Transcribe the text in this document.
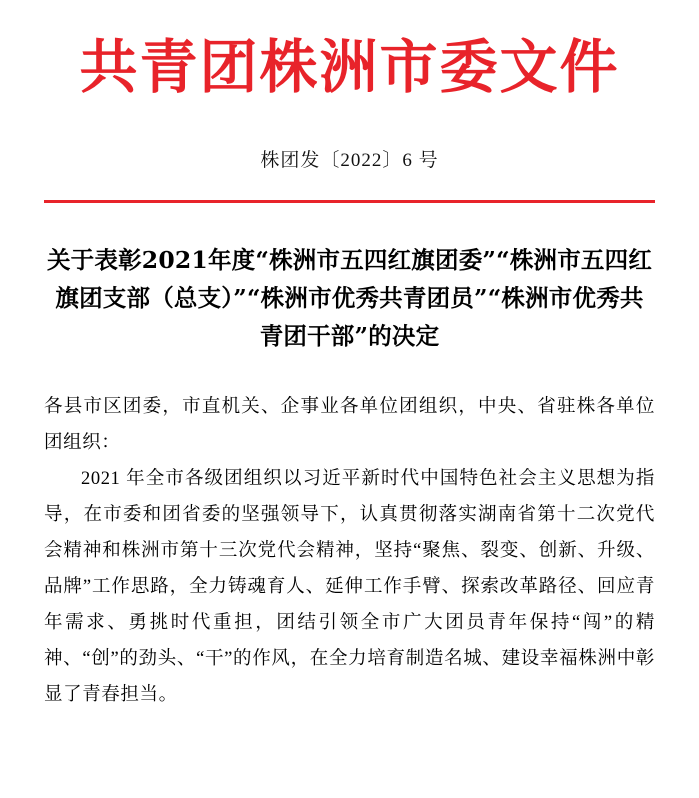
共青团株洲市委文件
株团发〔2022〕6 号
关于表彰2021年度“株洲市五四红旗团委”“株洲市五四红旗团支部（总支）”“株洲市优秀共青团员”“株洲市优秀共青团干部”的决定

各县市区团委，市直机关、企事业各单位团组织，中央、省驻株各单位团组织：

2021 年全市各级团组织以习近平新时代中国特色社会主义思想为指导，在市委和团省委的坚强领导下，认真贯彻落实湖南省第十二次党代会精神和株洲市第十三次党代会精神，坚持“聚焦、裂变、创新、升级、品牌”工作思路，全力铸魂育人、延伸工作手臂、探索改革路径、回应青年需求、勇挑时代重担，团结引领全市广大团员青年保持“闯”的精神、“创”的劲头、“干”的作风，在全力培育制造名城、建设幸福株洲中彰显了青春担当。
